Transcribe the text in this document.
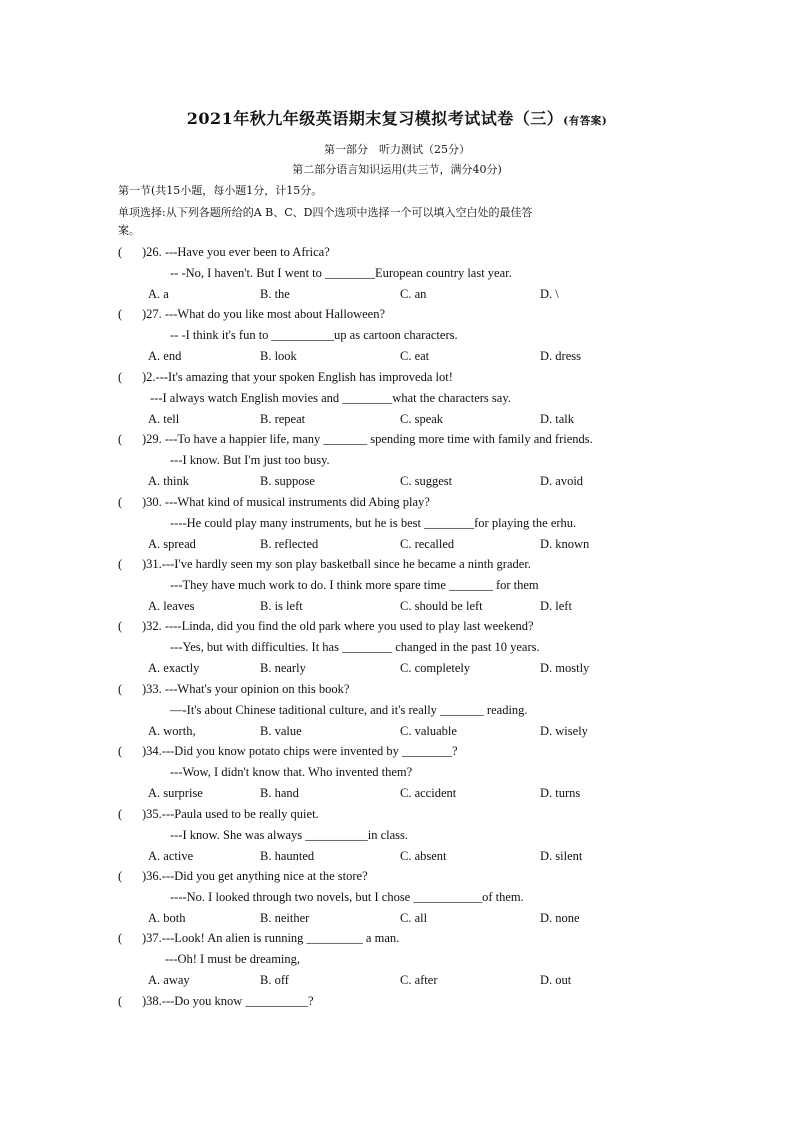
2021年秋九年级英语期末复习模拟考试试卷（三）(有答案)
第一部分　听力测试（25分）
第二部分语言知识运用(共三节，满分40分)
第一节(共15小题，每小题1分，计15分。
单项选择:从下列各题所给的A B、C、D四个选项中选择一个可以填入空白处的最佳答
案。
( )26. ---Have you ever been to Africa?
-- -No, I haven't. But I went to ________European country last year.
A. a	B. the	C. an	D. \
( )27. ---What do you like most about Halloween?
-- -I think it's fun to __________up as cartoon characters.
A. end	B. look	C. eat	D. dress
( )2.---It's amazing that your spoken English has improveda lot!
---I always watch English movies and ________what the characters say.
A. tell	B. repeat	C. speak	D. talk
( )29. ---To have a happier life, many _______ spending more time with family and friends.
---I know. But I'm just too busy.
A. think	B. suppose	C. suggest	D. avoid
( )30. ---What kind of musical instruments did Abing play?
----He could play many instruments, but he is best ________for playing the erhu.
A. spread	B. reflected	C. recalled	D. known
( )31.---I've hardly seen my son play basketball since he became a ninth grader.
---They have much work to do. I think more spare time _______ for them
A. leaves	B. is left	C. should be left	D. left
( )32. ----Linda, did you find the old park where you used to play last weekend?
---Yes, but with difficulties. It has ________ changed in the past 10 years.
A. exactly	B. nearly	C. completely	D. mostly
( )33. ---What's your opinion on this book?
—-It's about Chinese taditional culture, and it's really _______ reading.
A. worth,	B. value	C. valuable	D. wisely
( )34.---Did you know potato chips were invented by ________?
---Wow, I didn't know that. Who invented them?
A. surprise	B. hand	C. accident	D. turns
( )35.---Paula used to be really quiet.
---I know. She was always __________in class.
A. active	B. haunted	C. absent	D. silent
( )36.---Did you get anything nice at the store?
----No. I looked through two novels, but I chose ___________of them.
A. both	B. neither	C. all	D. none
( )37.---Look! An alien is running _________ a man.
---Oh! I must be dreaming,
A. away	B. off	C. after	D. out
( )38.---Do you know __________?
